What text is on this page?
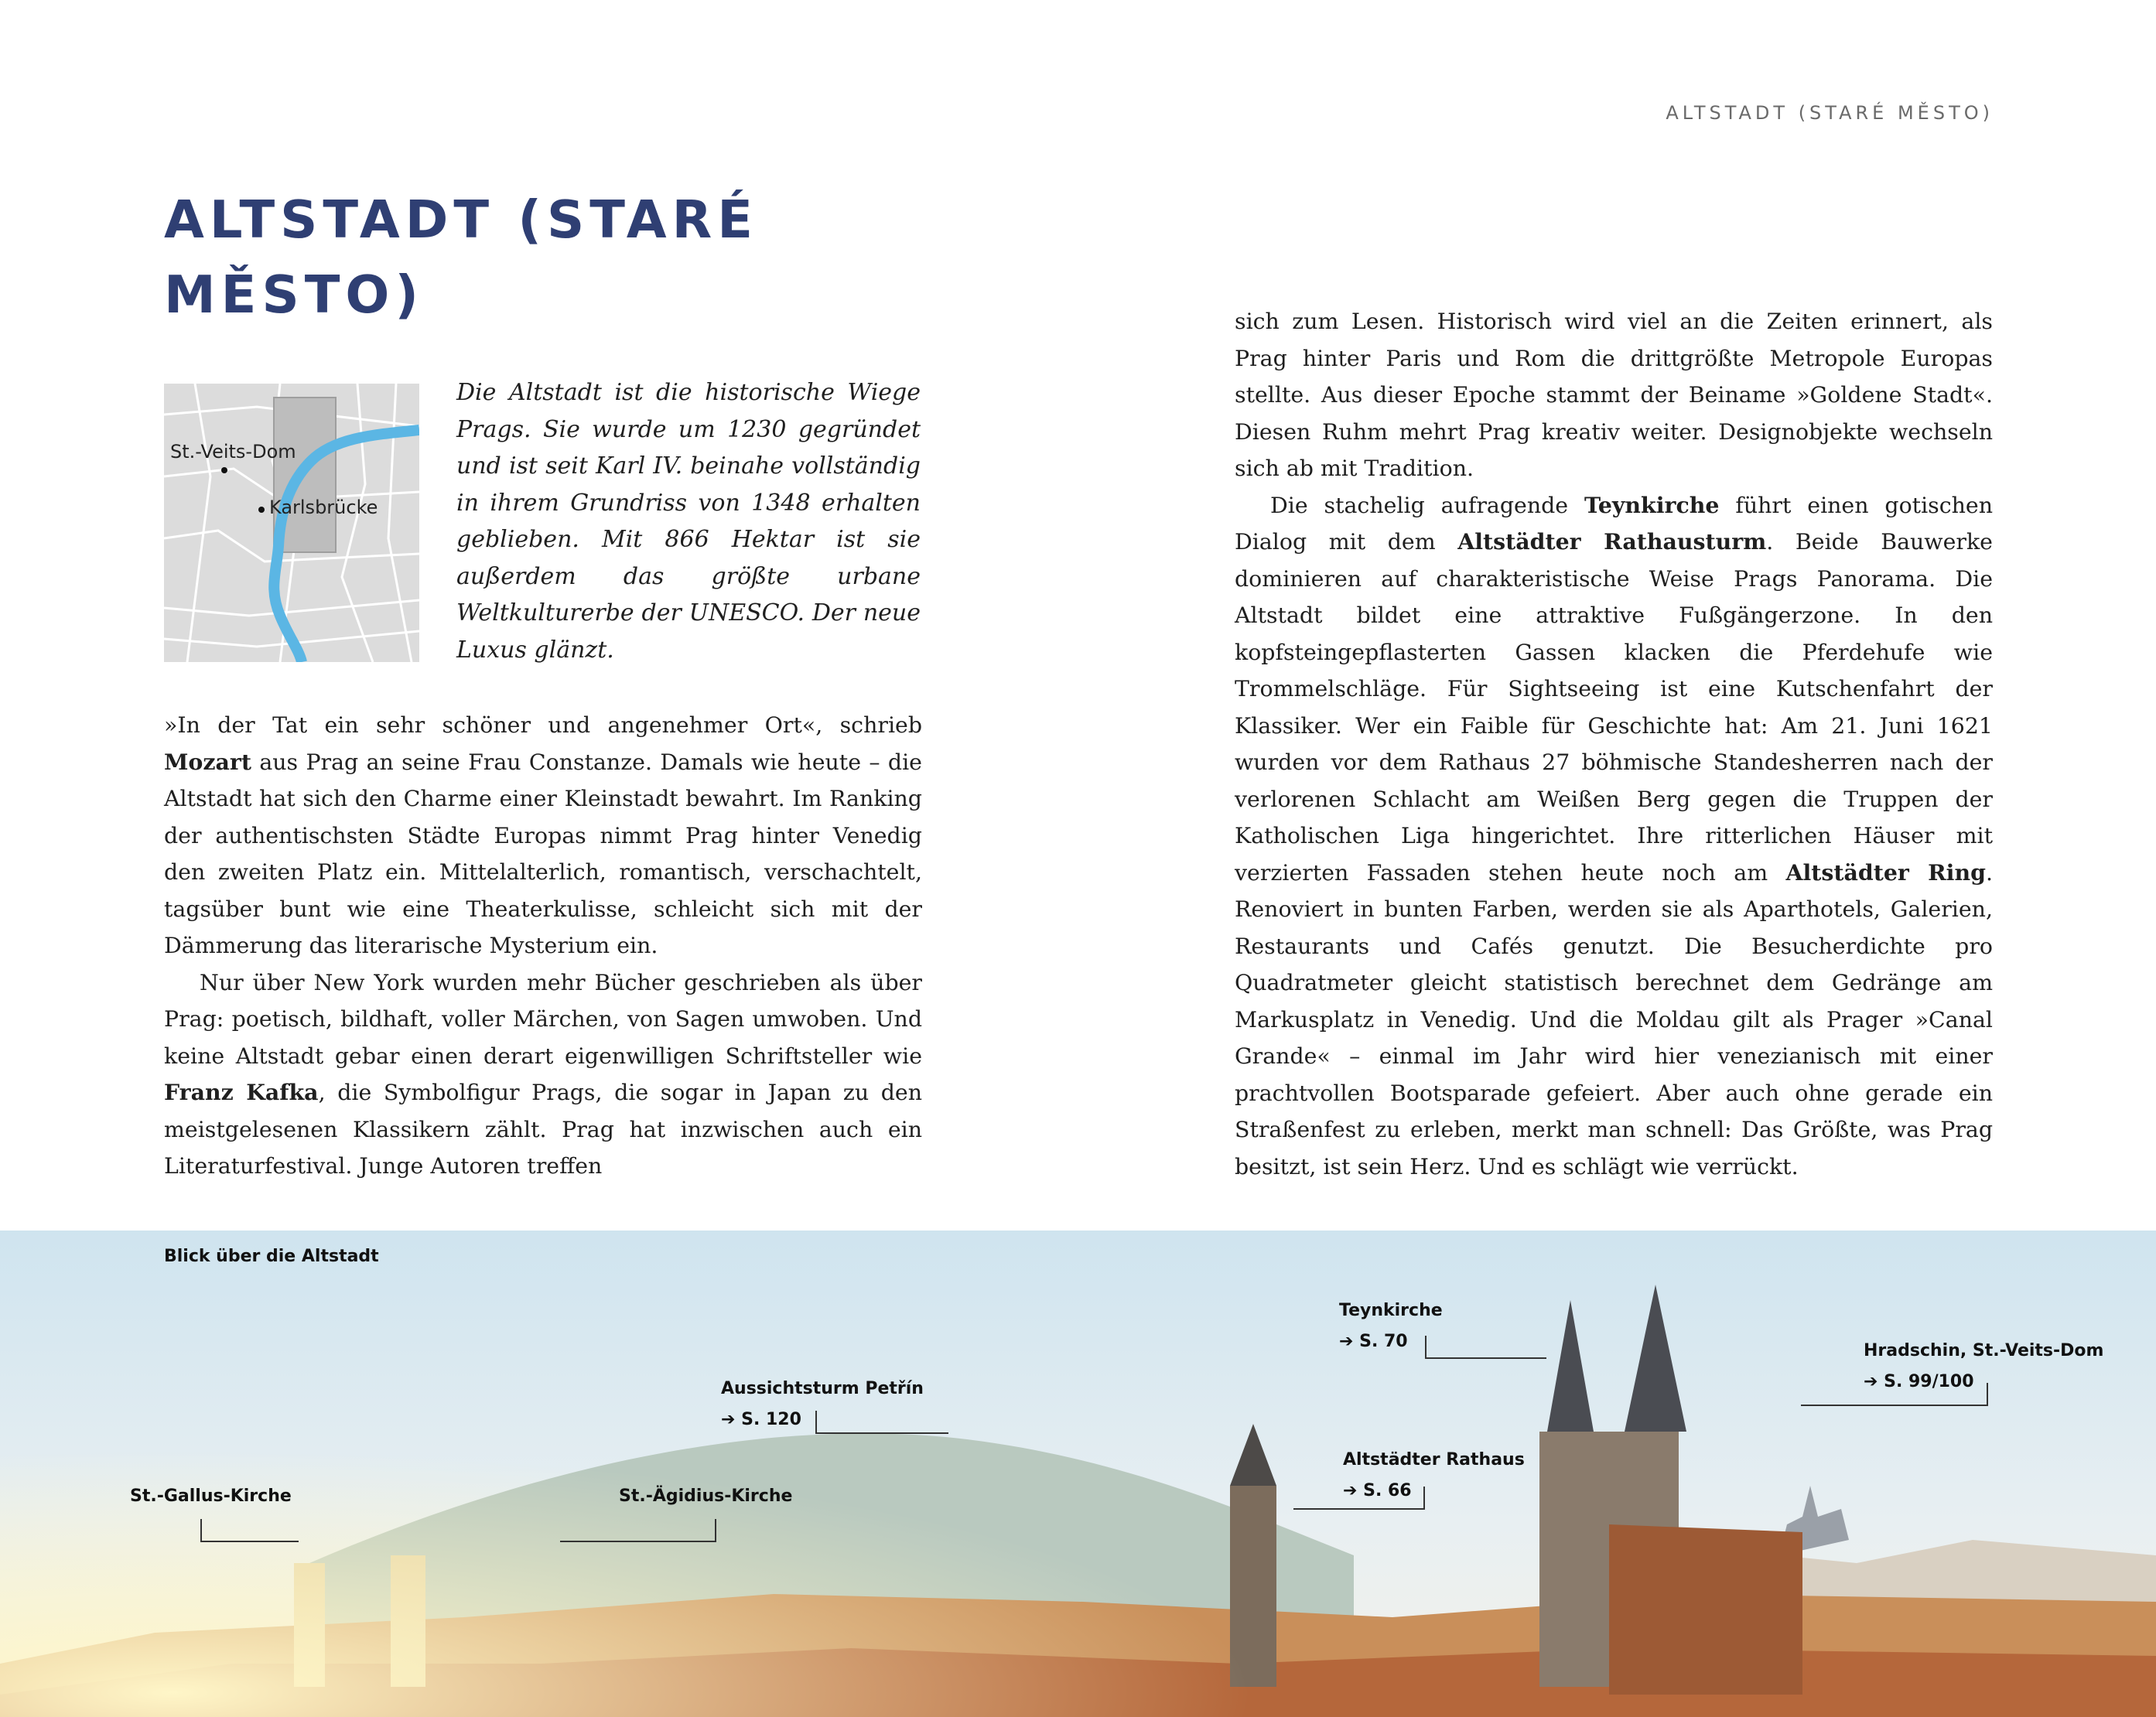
ALTSTADT (STARÉ MĚSTO)
ALTSTADT (STARÉ
MĚSTO)
St.-Veits-Dom
Karlsbrücke

Die Altstadt ist die historische Wiege Prags. Sie wurde um 1230 gegründet und ist seit Karl IV. beinahe vollständig in ihrem Grundriss von 1348 erhalten geblieben. Mit 866 Hektar ist sie außerdem das größte urbane Weltkulturerbe der UNESCO. Der neue Luxus glänzt.

»In der Tat ein sehr schöner und angenehmer Ort«, schrieb Mozart aus Prag an seine Frau Constanze. Damals wie heute – die Altstadt hat sich den Charme einer Kleinstadt bewahrt. Im Ranking der authentischsten Städte Europas nimmt Prag hinter Venedig den zweiten Platz ein. Mittelalterlich, romantisch, verschachtelt, tagsüber bunt wie eine Theaterkulisse, schleicht sich mit der Dämmerung das literarische Mysterium ein.

Nur über New York wurden mehr Bücher geschrieben als über Prag: poetisch, bildhaft, voller Märchen, von Sagen umwoben. Und keine Altstadt gebar einen derart eigenwilligen Schriftsteller wie Franz Kafka, die Symbolfigur Prags, die sogar in Japan zu den meistgelesenen Klassikern zählt. Prag hat inzwischen auch ein Literaturfestival. Junge Autoren treffen

sich zum Lesen. Historisch wird viel an die Zeiten erinnert, als Prag hinter Paris und Rom die drittgrößte Metropole Europas stellte. Aus dieser Epoche stammt der Beiname »Goldene Stadt«. Diesen Ruhm mehrt Prag kreativ weiter. Designobjekte wechseln sich ab mit Tradition.

Die stachelig aufragende Teynkirche führt einen gotischen Dialog mit dem Altstädter Rathausturm. Beide Bauwerke dominieren auf charakteristische Weise Prags Panorama. Die Altstadt bildet eine attraktive Fußgängerzone. In den kopfsteingepflasterten Gassen klacken die Pferdehufe wie Trommelschläge. Für Sightseeing ist eine Kutschenfahrt der Klassiker. Wer ein Faible für Geschichte hat: Am 21. Juni 1621 wurden vor dem Rathaus 27 böhmische Standesherren nach der verlorenen Schlacht am Weißen Berg gegen die Truppen der Katholischen Liga hingerichtet. Ihre ritterlichen Häuser mit verzierten Fassaden stehen heute noch am Altstädter Ring. Renoviert in bunten Farben, werden sie als Aparthotels, Galerien, Restaurants und Cafés genutzt. Die Besucherdichte pro Quadratmeter gleicht statistisch berechnet dem Gedränge am Markusplatz in Venedig. Und die Moldau gilt als Prager »Canal Grande« – einmal im Jahr wird hier venezianisch mit einer prachtvollen Bootsparade gefeiert. Aber auch ohne gerade ein Straßenfest zu erleben, merkt man schnell: Das Größte, was Prag besitzt, ist sein Herz. Und es schlägt wie verrückt.

Blick über die Altstadt
St.-Gallus-Kirche
Aussichtsturm Petřín
➔ S. 120
St.-Ägidius-Kirche
Teynkirche
➔ S. 70
Altstädter Rathaus
➔ S. 66
Hradschin, St.-Veits-Dom
➔ S. 99/100
